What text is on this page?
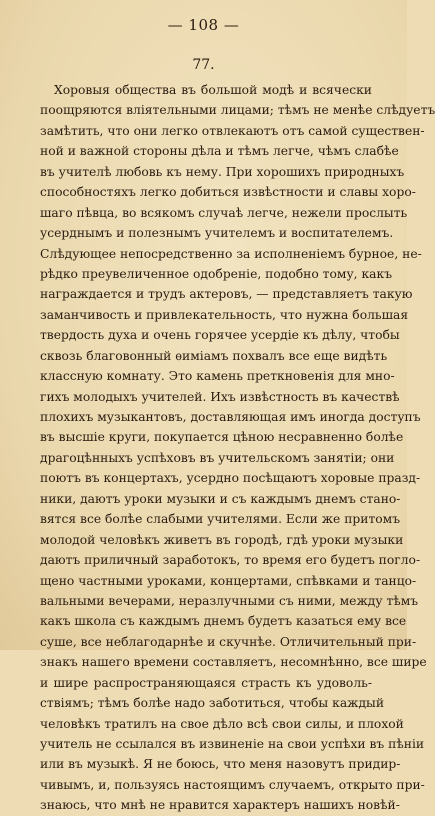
— 108 —
77.
Хоровыя общества въ большой модѣ и всячески
поощряются вліятельными лицами; тѣмъ не менѣе слѣдуетъ
замѣтить, что они легко отвлекаютъ отъ самой существен-
ной и важной стороны дѣла и тѣмъ легче, чѣмъ слабѣе
въ учителѣ любовь къ нему. При хорошихъ природныхъ
способностяхъ легко добиться извѣстности и славы хоро-
шаго пѣвца, во всякомъ случаѣ легче, нежели прослыть
усерднымъ и полезнымъ учителемъ и воспитателемъ.
Слѣдующее непосредственно за исполненіемъ бурное, не-
рѣдко преувеличенное одобреніе, подобно тому, какъ
награждается и трудъ актеровъ, — представляетъ такую
заманчивость и привлекательность, что нужна большая
твердость духа и очень горячее усердіе къ дѣлу, чтобы
сквозь благовонный ѳиміамъ похвалъ все еще видѣть
классную комнату. Это камень преткновенія для мно-
гихъ молодыхъ учителей. Ихъ извѣстность въ качествѣ
плохихъ музыкантовъ, доставляющая имъ иногда доступъ
въ высшіе круги, покупается цѣною несравненно болѣе
драгоцѣнныхъ успѣховъ въ учительскомъ занятіи; они
поютъ въ концертахъ, усердно посѣщаютъ хоровые празд-
ники, даютъ уроки музыки и съ каждымъ днемъ стано-
вятся все болѣе слабыми учителями. Если же притомъ
молодой человѣкъ живетъ въ городѣ, гдѣ уроки музыки
даютъ приличный заработокъ, то время его будетъ погло-
щено частными уроками, концертами, спѣвками и танцо-
вальными вечерами, неразлучными съ ними, между тѣмъ
какъ школа съ каждымъ днемъ будетъ казаться ему все
суше, все неблагодарнѣе и скучнѣе. Отличительный при-
знакъ нашего времени составляетъ, несомнѣнно, все шире
и шире распространяющаяся страсть къ удоволь-
ствіямъ; тѣмъ болѣе надо заботиться, чтобы каждый
человѣкъ тратилъ на свое дѣло всѣ свои силы, и плохой
учитель не ссылался въ извиненіе на свои успѣхи въ пѣніи
или въ музыкѣ. Я не боюсь, что меня назовутъ придир-
чивымъ, и, пользуясь настоящимъ случаемъ, открыто при-
знаюсь, что мнѣ не нравится характеръ нашихъ новѣй-
